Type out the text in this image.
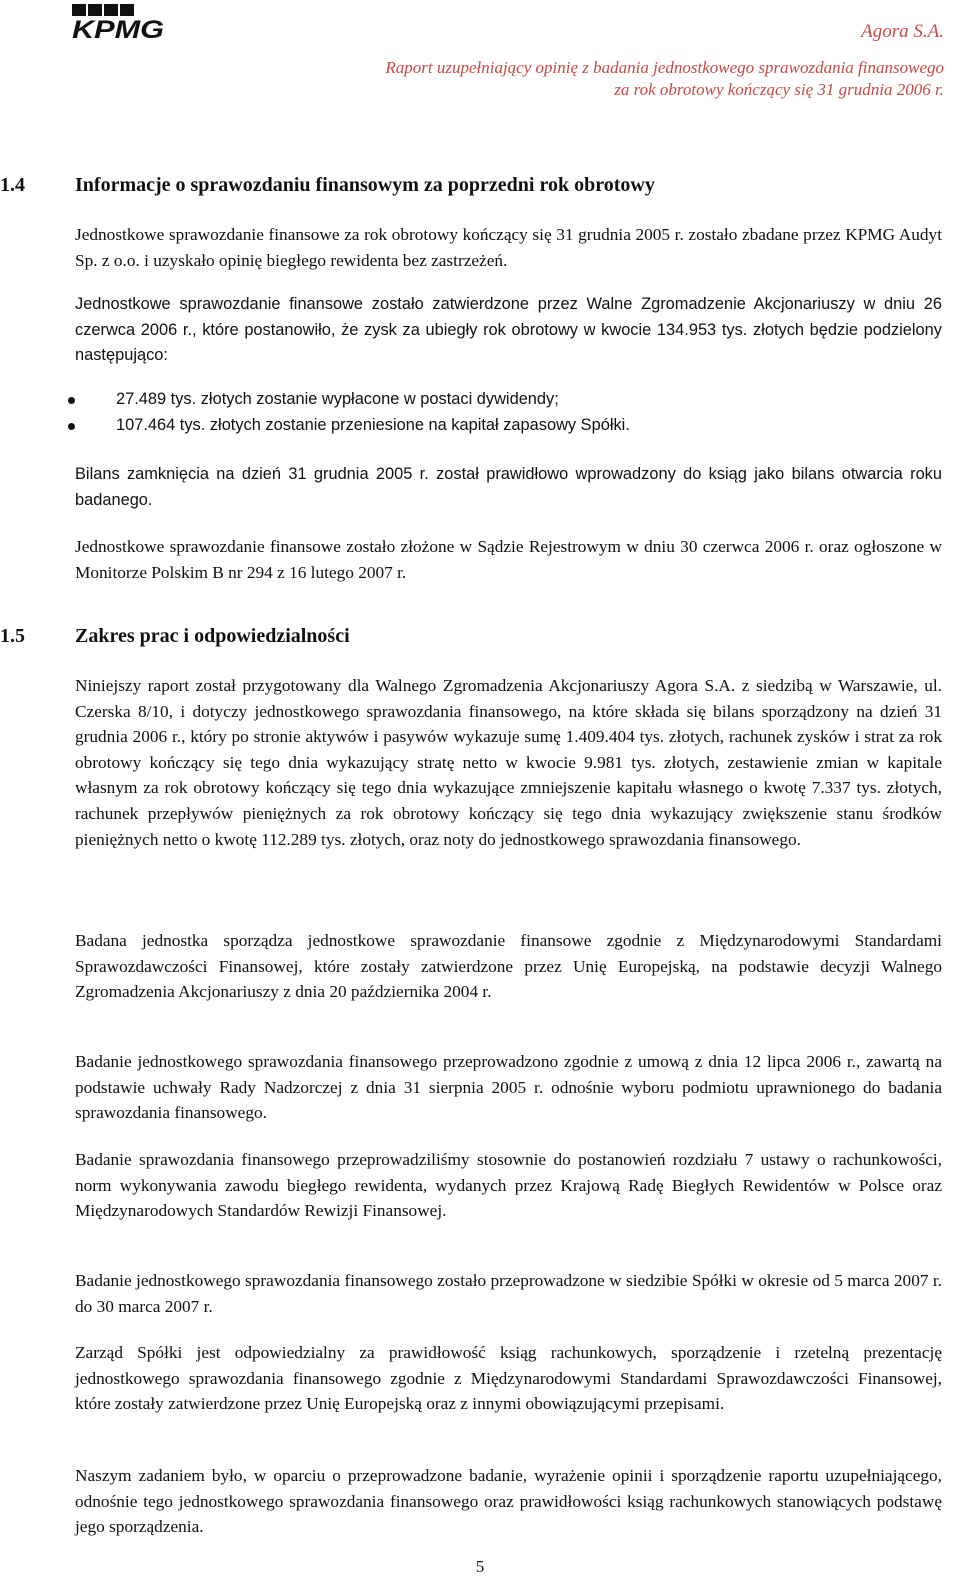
KPMG	Agora S.A.
Raport uzupełniający opinię z badania jednostkowego sprawozdania finansowego
za rok obrotowy kończący się 31 grudnia 2006 r.
1.4	Informacje o sprawozdaniu finansowym za poprzedni rok obrotowy
Jednostkowe sprawozdanie finansowe za rok obrotowy kończący się 31 grudnia 2005 r. zostało zbadane przez KPMG Audyt Sp. z o.o. i uzyskało opinię biegłego rewidenta bez zastrzeżeń.
Jednostkowe sprawozdanie finansowe zostało zatwierdzone przez Walne Zgromadzenie Akcjonariuszy w dniu 26 czerwca 2006 r., które postanowiło, że zysk za ubiegły rok obrotowy w kwocie 134.953 tys. złotych będzie podzielony następująco:
27.489 tys. złotych zostanie wypłacone w postaci dywidendy;
107.464 tys. złotych zostanie przeniesione na kapitał zapasowy Spółki.
Bilans zamknięcia na dzień 31 grudnia 2005 r. został prawidłowo wprowadzony do ksiąg jako bilans otwarcia roku badanego.
Jednostkowe sprawozdanie finansowe zostało złożone w Sądzie Rejestrowym w dniu 30 czerwca 2006 r. oraz ogłoszone w Monitorze Polskim B nr 294 z 16 lutego 2007 r.
1.5	Zakres prac i odpowiedzialności
Niniejszy raport został przygotowany dla Walnego Zgromadzenia Akcjonariuszy Agora S.A. z siedzibą w Warszawie, ul. Czerska 8/10, i dotyczy jednostkowego sprawozdania finansowego, na które składa się bilans sporządzony na dzień 31 grudnia 2006 r., który po stronie aktywów i pasywów wykazuje sumę 1.409.404 tys. złotych, rachunek zysków i strat za rok obrotowy kończący się tego dnia wykazujący stratę netto w kwocie 9.981 tys. złotych, zestawienie zmian w kapitale własnym za rok obrotowy kończący się tego dnia wykazujące zmniejszenie kapitału własnego o kwotę 7.337 tys. złotych, rachunek przepływów pieniężnych za rok obrotowy kończący się tego dnia wykazujący zwiększenie stanu środków pieniężnych netto o kwotę 112.289 tys. złotych, oraz noty do jednostkowego sprawozdania finansowego.
Badana jednostka sporządza jednostkowe sprawozdanie finansowe zgodnie z Międzynarodowymi Standardami Sprawozdawczości Finansowej, które zostały zatwierdzone przez Unię Europejską, na podstawie decyzji Walnego Zgromadzenia Akcjonariuszy z dnia 20 października 2004 r.
Badanie jednostkowego sprawozdania finansowego przeprowadzono zgodnie z umową z dnia 12 lipca 2006 r., zawartą na podstawie uchwały Rady Nadzorczej z dnia 31 sierpnia 2005 r. odnośnie wyboru podmiotu uprawnionego do badania sprawozdania finansowego.
Badanie sprawozdania finansowego przeprowadziliśmy stosownie do postanowień rozdziału 7 ustawy o rachunkowości, norm wykonywania zawodu biegłego rewidenta, wydanych przez Krajową Radę Biegłych Rewidentów w Polsce oraz Międzynarodowych Standardów Rewizji Finansowej.
Badanie jednostkowego sprawozdania finansowego zostało przeprowadzone w siedzibie Spółki w okresie od 5 marca 2007 r. do 30 marca 2007 r.
Zarząd Spółki jest odpowiedzialny za prawidłowość ksiąg rachunkowych, sporządzenie i rzetelną prezentację jednostkowego sprawozdania finansowego zgodnie z Międzynarodowymi Standardami Sprawozdawczości Finansowej, które zostały zatwierdzone przez Unię Europejską oraz z innymi obowiązującymi przepisami.
Naszym zadaniem było, w oparciu o przeprowadzone badanie, wyrażenie opinii i sporządzenie raportu uzupełniającego, odnośnie tego jednostkowego sprawozdania finansowego oraz prawidłowości ksiąg rachunkowych stanowiących podstawę jego sporządzenia.
5
